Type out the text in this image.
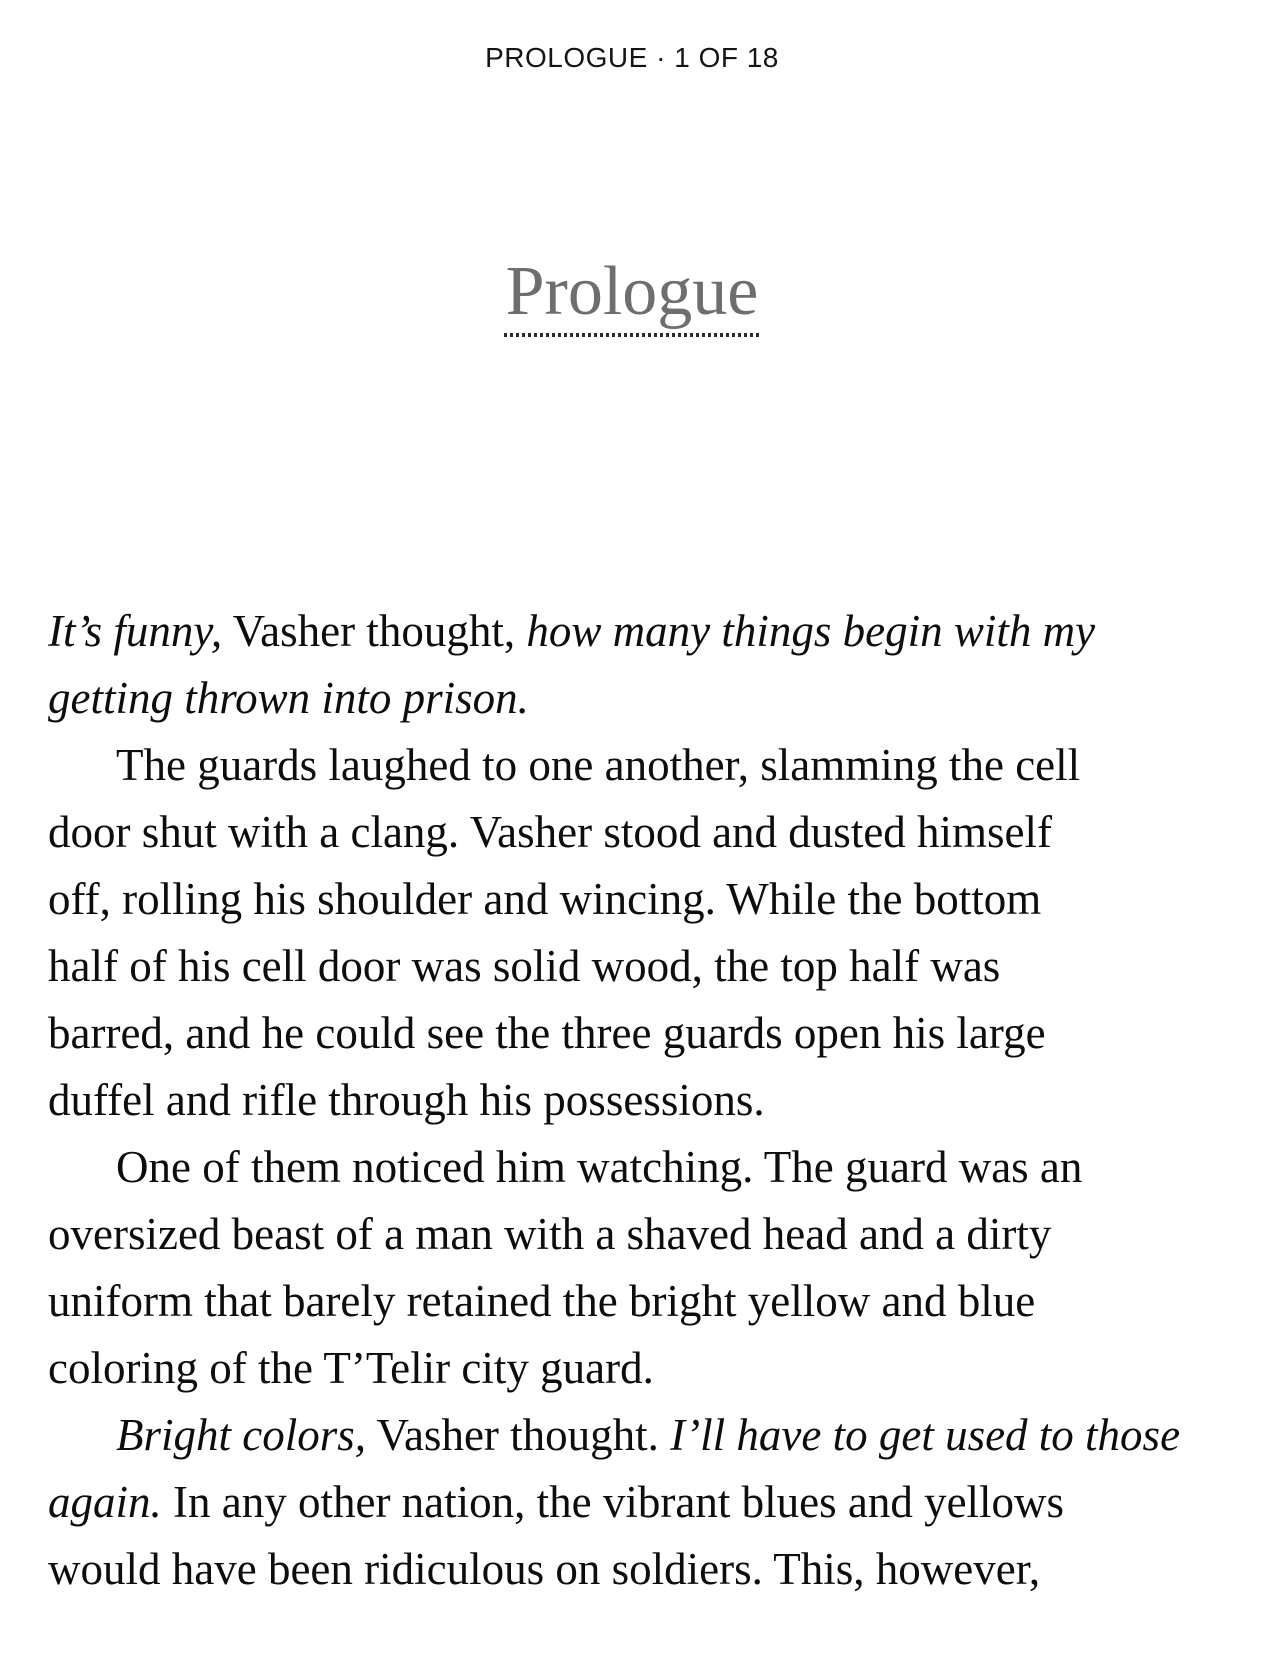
PROLOGUE · 1 OF 18
Prologue
It’s funny, Vasher thought, how many things begin with my
getting thrown into prison.
The guards laughed to one another, slamming the cell
door shut with a clang. Vasher stood and dusted himself
off, rolling his shoulder and wincing. While the bottom
half of his cell door was solid wood, the top half was
barred, and he could see the three guards open his large
duffel and rifle through his possessions.
One of them noticed him watching. The guard was an
oversized beast of a man with a shaved head and a dirty
uniform that barely retained the bright yellow and blue
coloring of the T’Telir city guard.
Bright colors, Vasher thought. I’ll have to get used to those
again. In any other nation, the vibrant blues and yellows
would have been ridiculous on soldiers. This, however,
